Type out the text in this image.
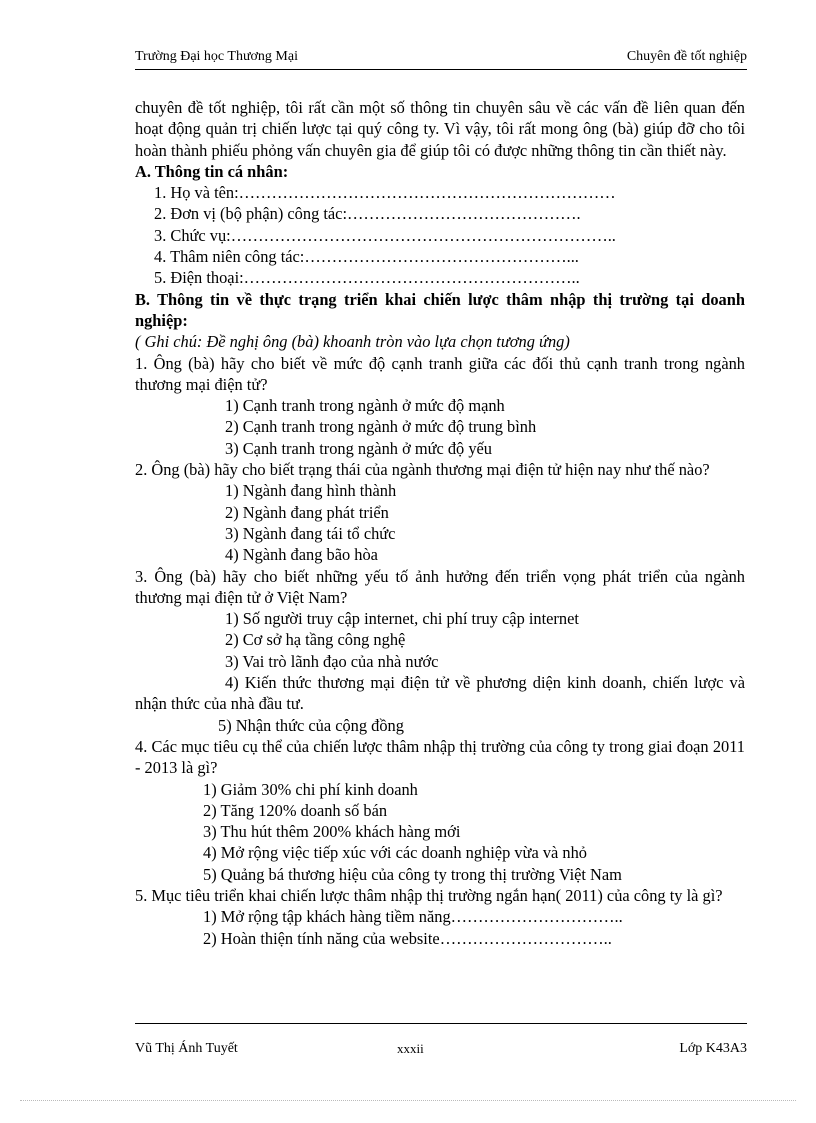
Trường Đại học Thương Mại	Chuyên đề tốt nghiệp

chuyên đề tốt nghiệp, tôi rất cần một số thông tin chuyên sâu về các vấn đề liên quan đến hoạt động quản trị chiến lược tại quý công ty. Vì vậy, tôi rất mong ông (bà) giúp đỡ cho tôi hoàn thành phiếu phỏng vấn chuyên gia để giúp tôi có được những thông tin cần thiết này.

A. Thông tin cá nhân:

1. Họ và tên:……………………………………………………………

2. Đơn vị (bộ phận) công tác:…………………………………….

3. Chức vụ:……………………………………………………………..

4. Thâm niên công tác:…………………………………………...

5. Điện thoại:……………………………………………………..

B. Thông tin về thực trạng triển khai chiến lược thâm nhập thị trường tại doanh nghiệp:

( Ghi chú: Đề nghị ông (bà) khoanh tròn vào lựa chọn tương ứng)

1. Ông (bà) hãy cho biết về mức độ cạnh tranh giữa các đối thủ cạnh tranh trong ngành thương mại điện tử?

1) Cạnh tranh trong ngành ở mức độ mạnh

2) Cạnh tranh trong ngành ở mức độ trung bình

3) Cạnh tranh trong ngành ở mức độ yếu

2. Ông (bà) hãy cho biết trạng thái của ngành thương mại điện tử hiện nay như thế nào?

1) Ngành đang hình thành

2) Ngành đang phát triển

3) Ngành đang tái tổ chức

4) Ngành đang bão hòa

3. Ông (bà) hãy cho biết những yếu tố ảnh hưởng đến triển vọng phát triển của ngành thương mại điện tử ở Việt Nam?

1) Số người truy cập internet, chi phí truy cập internet

2) Cơ sở hạ tầng công nghệ

3) Vai trò lãnh đạo của nhà nước

4) Kiến thức thương mại điện tử về phương diện kinh doanh, chiến lược và nhận thức của nhà đầu tư.

5) Nhận thức của cộng đồng

4. Các mục tiêu cụ thể của chiến lược thâm nhập thị trường của công ty trong giai đoạn 2011 - 2013 là gì?

1) Giảm 30% chi phí kinh doanh

2) Tăng 120% doanh số bán

3) Thu hút thêm 200% khách hàng mới

4) Mở rộng việc tiếp xúc với các doanh nghiệp vừa và nhỏ

5) Quảng bá thương hiệu của công ty trong thị trường Việt Nam

5. Mục tiêu triển khai chiến lược thâm nhập thị trường ngắn hạn( 2011) của công ty là gì?

1) Mở rộng tập khách hàng tiềm năng…………………………..

2) Hoàn thiện tính năng của website…………………………..

Vũ Thị Ánh Tuyết	xxxii	Lớp K43A3
